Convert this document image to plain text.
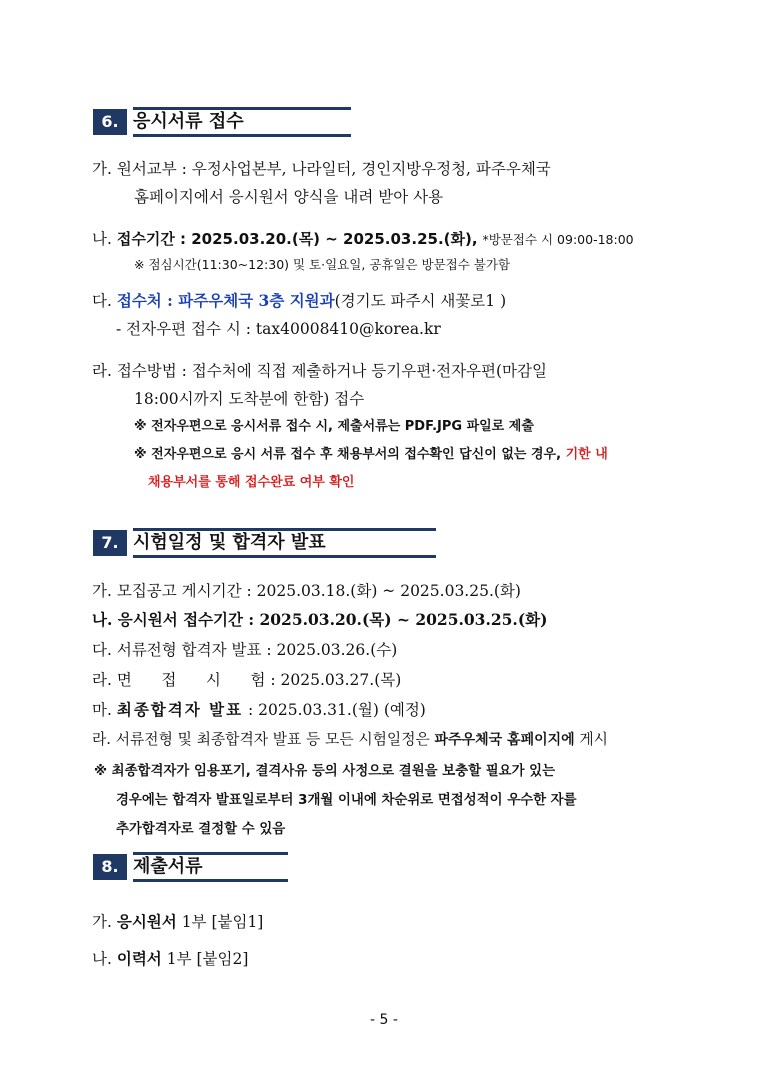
6. 응시서류 접수
가. 원서교부 : 우정사업본부, 나라일터, 경인지방우정청, 파주우체국
홈페이지에서 응시원서 양식을 내려 받아 사용
나. 접수기간 : 2025.03.20.(목) ~ 2025.03.25.(화), *방문접수 시 09:00-18:00
※ 점심시간(11:30~12:30) 및 토·일요일, 공휴일은 방문접수 불가함
다. 접수처 : 파주우체국 3층 지원과(경기도 파주시 새꽃로1 )
- 전자우편 접수 시 : tax40008410@korea.kr
라. 접수방법 : 접수처에 직접 제출하거나 등기우편·전자우편(마감일
18:00시까지 도착분에 한함) 접수
※ 전자우편으로 응시서류 접수 시, 제출서류는 PDF.JPG 파일로 제출
※ 전자우편으로 응시 서류 접수 후 채용부서의 접수확인 답신이 없는 경우, 기한 내
채용부서를 통해 접수완료 여부 확인
7. 시험일정 및 합격자 발표
가. 모집공고 게시기간 : 2025.03.18.(화) ~ 2025.03.25.(화)
나. 응시원서 접수기간 : 2025.03.20.(목) ~ 2025.03.25.(화)
다. 서류전형 합격자 발표 : 2025.03.26.(수)
라. 면      접      시      험 : 2025.03.27.(목)
마. 최종합격자 발표 : 2025.03.31.(월) (예정)
라. 서류전형 및 최종합격자 발표 등 모든 시험일정은 파주우체국 홈페이지에 게시
※ 최종합격자가 임용포기, 결격사유 등의 사정으로 결원을 보충할 필요가 있는
경우에는 합격자 발표일로부터 3개월 이내에 차순위로 면접성적이 우수한 자를
추가합격자로 결정할 수 있음
8. 제출서류
가. 응시원서 1부 [붙임1]
나. 이력서 1부 [붙임2]
- 5 -
